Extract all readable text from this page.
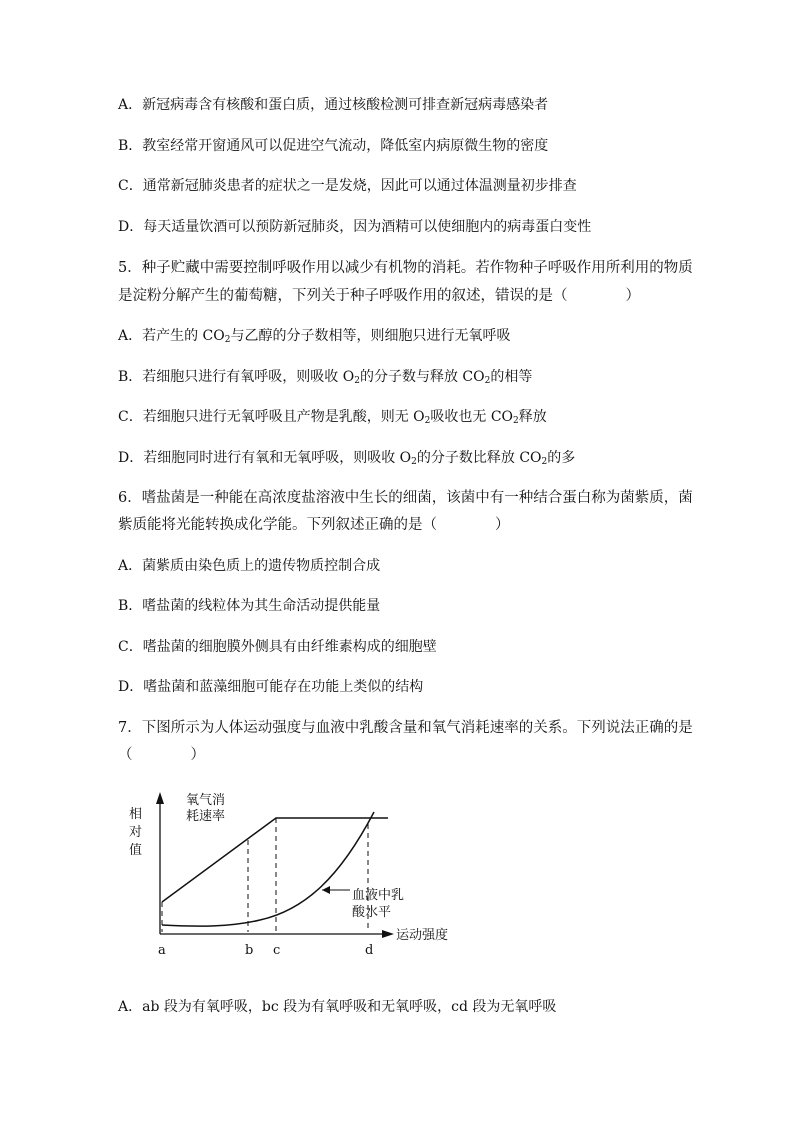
A．新冠病毒含有核酸和蛋白质，通过核酸检测可排查新冠病毒感染者
B．教室经常开窗通风可以促进空气流动，降低室内病原微生物的密度
C．通常新冠肺炎患者的症状之一是发烧，因此可以通过体温测量初步排查
D．每天适量饮酒可以预防新冠肺炎，因为酒精可以使细胞内的病毒蛋白变性
5．种子贮藏中需要控制呼吸作用以减少有机物的消耗。若作物种子呼吸作用所利用的物质
是淀粉分解产生的葡萄糖，下列关于种子呼吸作用的叙述，错误的是（　　　　）
A．若产生的 $CO_2$与乙醇的分子数相等，则细胞只进行无氧呼吸
B．若细胞只进行有氧呼吸，则吸收 $O_2$的分子数与释放 $CO_2$的相等
C．若细胞只进行无氧呼吸且产物是乳酸，则无 $O_2$吸收也无 $CO_2$释放
D．若细胞同时进行有氧和无氧呼吸，则吸收 $O_2$的分子数比释放 $CO_2$的多
6．嗜盐菌是一种能在高浓度盐溶液中生长的细菌，该菌中有一种结合蛋白称为菌紫质，菌
紫质能将光能转换成化学能。下列叙述正确的是（　　　　）
A．菌紫质由染色质上的遗传物质控制合成
B．嗜盐菌的线粒体为其生命活动提供能量
C．嗜盐菌的细胞膜外侧具有由纤维素构成的细胞壁
D．嗜盐菌和蓝藻细胞可能存在功能上类似的结构
7．下图所示为人体运动强度与血液中乳酸含量和氧气消耗速率的关系。下列说法正确的是
（　　　　）
相
对
值
运动强度
a	b c	d
氧气消
耗速率
血液中乳
酸水平
A．ab 段为有氧呼吸，bc 段为有氧呼吸和无氧呼吸，cd 段为无氧呼吸
